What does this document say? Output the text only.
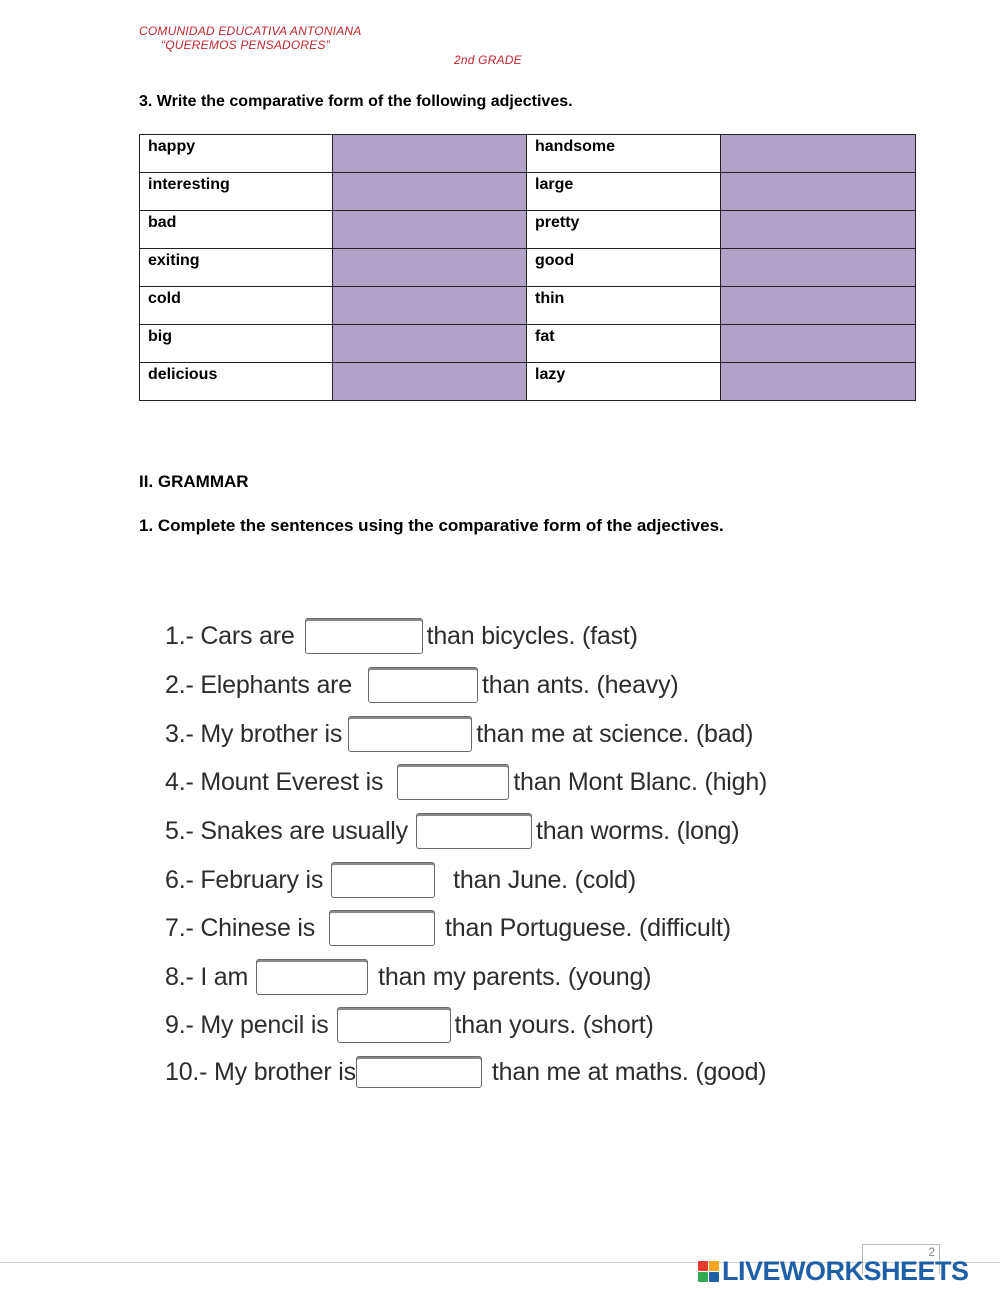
COMUNIDAD EDUCATIVA ANTONIANA
“QUEREMOS PENSADORES”
2nd GRADE
3. Write the comparative form of the following adjectives.
happy		handsome	
interesting		large	
bad		pretty	
exiting		good	
cold		thin	
big		fat	
delicious		lazy	
II. GRAMMAR
1. Complete the sentences using the comparative form of the adjectives.
1.- Cars are	than bicycles. (fast)
2.- Elephants are	than ants. (heavy)
3.- My brother is	than me at science. (bad)
4.- Mount Everest is	than Mont Blanc. (high)
5.- Snakes are usually	than worms. (long)
6.- February is	than June. (cold)
7.- Chinese is	than Portuguese. (difficult)
8.- I am	than my parents. (young)
9.- My pencil is	than yours. (short)
10.- My brother is	than me at maths. (good)
2
LIVEWORKSHEETS
